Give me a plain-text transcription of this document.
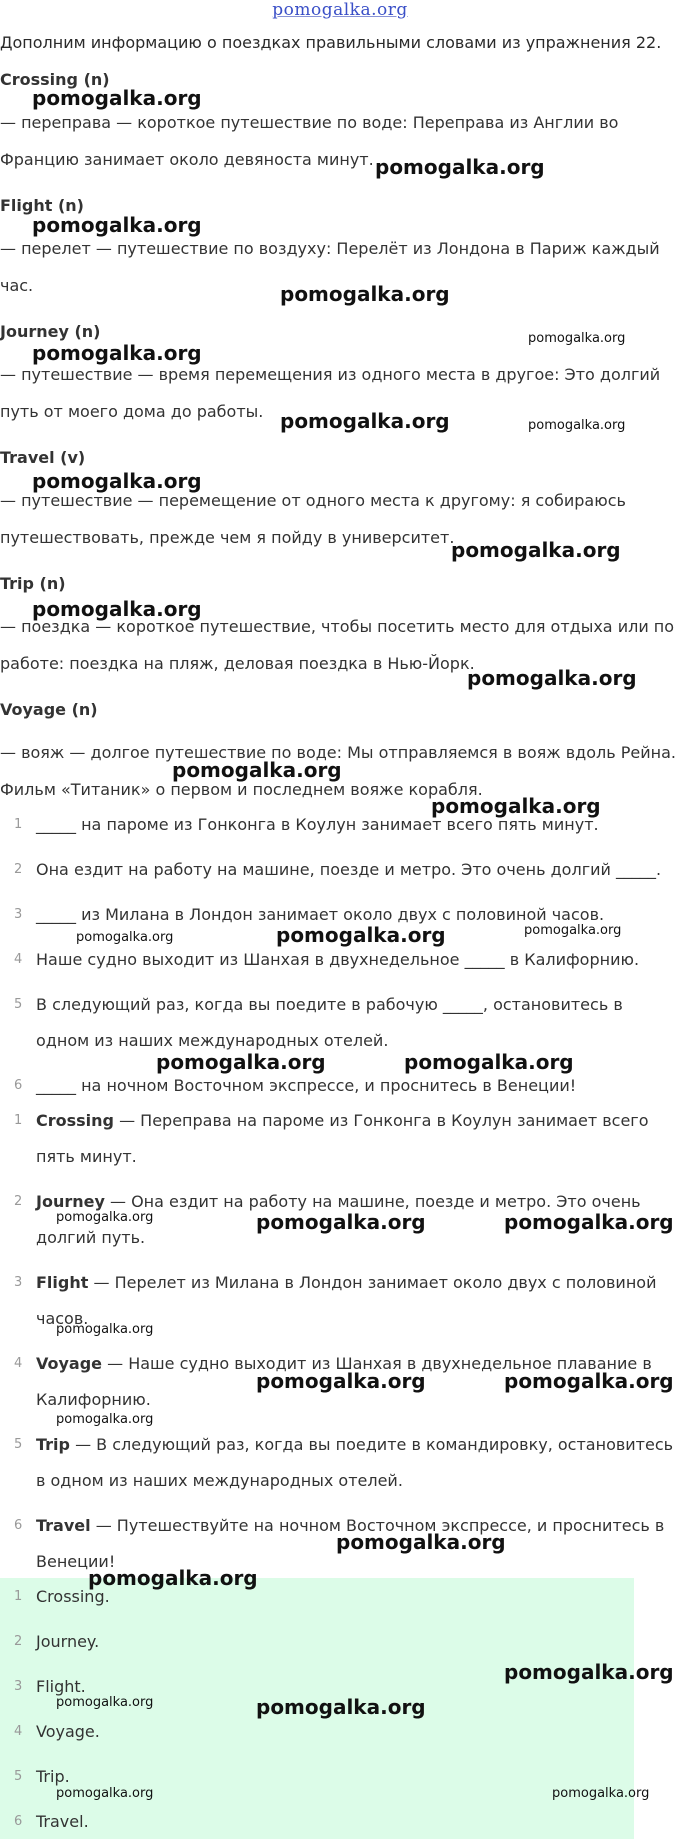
pomogalka.org
Дополним информацию о поездках правильными словами из упражнения 22.
Crossing (n)
— переправа — короткое путешествие по воде: Переправа из Англии во
Францию занимает около девяноста минут.
Flight (n)
— перелет — путешествие по воздуху: Перелёт из Лондона в Париж каждый
час.
Journey (n)
— путешествие — время перемещения из одного места в другое: Это долгий
путь от моего дома до работы.
Travel (v)
— путешествие — перемещение от одного места к другому: я собираюсь
путешествовать, прежде чем я пойду в университет.
Trip (n)
— поездка — короткое путешествие, чтобы посетить место для отдыха или по
работе: поездка на пляж, деловая поездка в Нью-Йорк.
Voyage (n)
— вояж — долгое путешествие по воде: Мы отправляемся в вояж вдоль Рейна.
Фильм «Титаник» о первом и последнем вояже корабля.
1 _____ на пароме из Гонконга в Коулун занимает всего пять минут.
2 Она ездит на работу на машине, поезде и метро. Это очень долгий _____.
3 _____ из Милана в Лондон занимает около двух с половиной часов.
4 Наше судно выходит из Шанхая в двухнедельное _____ в Калифорнию.
5 В следующий раз, когда вы поедите в рабочую _____, остановитесь в
одном из наших международных отелей.
6 _____ на ночном Восточном экспрессе, и проснитесь в Венеции!
1 Crossing — Переправа на пароме из Гонконга в Коулун занимает всего
пять минут.
2 Journey — Она ездит на работу на машине, поезде и метро. Это очень
долгий путь.
3 Flight — Перелет из Милана в Лондон занимает около двух с половиной
часов.
4 Voyage — Наше судно выходит из Шанхая в двухнедельное плавание в
Калифорнию.
5 Trip — В следующий раз, когда вы поедите в командировку, остановитесь
в одном из наших международных отелей.
6 Travel — Путешествуйте на ночном Восточном экспрессе, и проснитесь в
Венеции!
1 Crossing.
2 Journey.
3 Flight.
4 Voyage.
5 Trip.
6 Travel.
pomogalka.org
pomogalka.org
pomogalka.org
pomogalka.org
pomogalka.org
pomogalka.org
pomogalka.org	pomogalka.org
pomogalka.org
pomogalka.org
pomogalka.org
pomogalka.org
pomogalka.org
pomogalka.org
pomogalka.org	pomogalka.org	pomogalka.org
pomogalka.org	pomogalka.org
pomogalka.org	pomogalka.org	pomogalka.org
pomogalka.org
pomogalka.org	pomogalka.org
pomogalka.org
pomogalka.org
pomogalka.org
pomogalka.org
pomogalka.org	pomogalka.org
pomogalka.org	pomogalka.org
